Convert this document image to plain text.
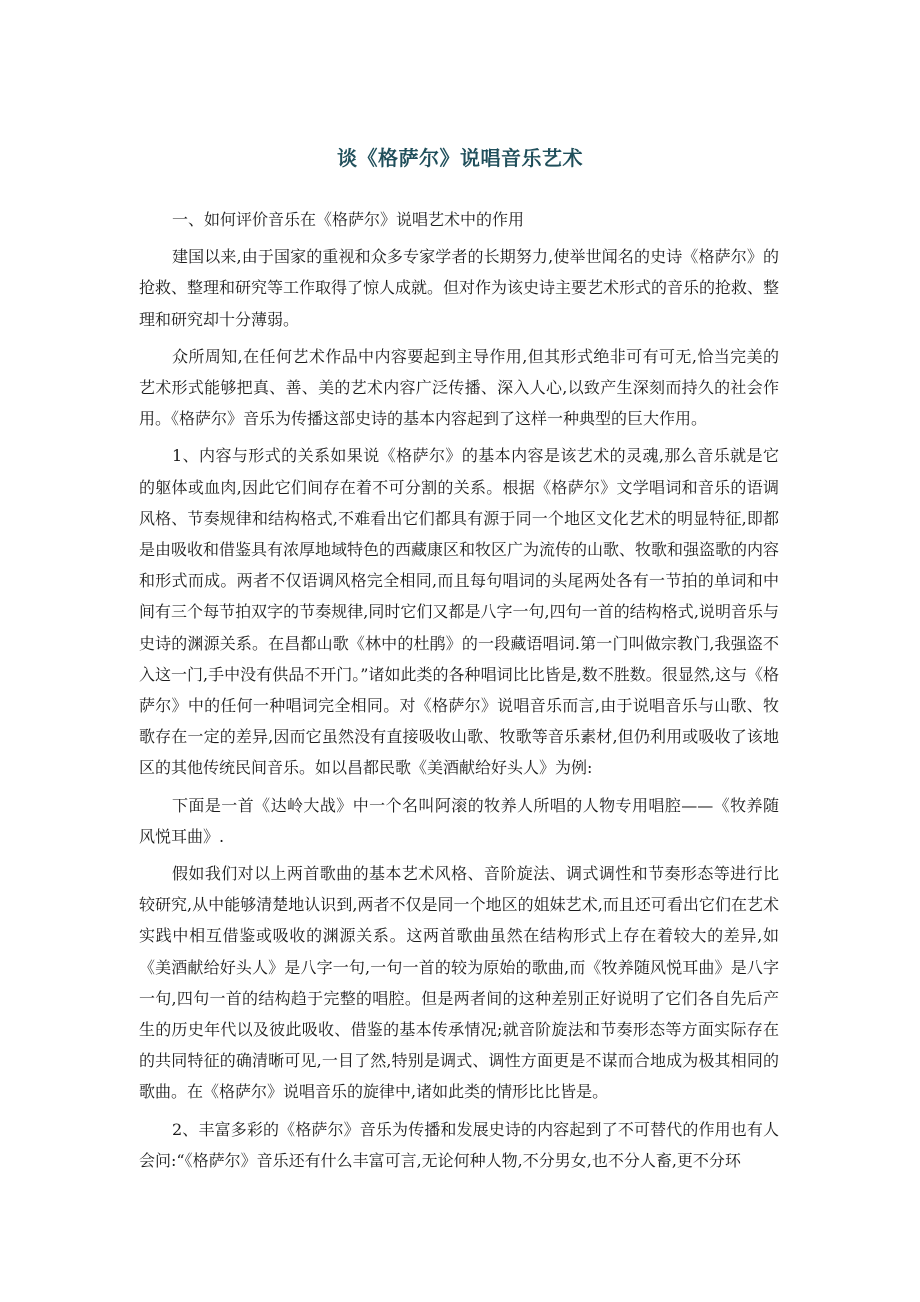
谈《格萨尔》说唱音乐艺术

一、如何评价音乐在《格萨尔》说唱艺术中的作用

建国以来,由于国家的重视和众多专家学者的长期努力,使举世闻名的史诗《格萨尔》的抢救、整理和研究等工作取得了惊人成就。但对作为该史诗主要艺术形式的音乐的抢救、整理和研究却十分薄弱。

众所周知,在任何艺术作品中内容要起到主导作用,但其形式绝非可有可无,恰当完美的艺术形式能够把真、善、美的艺术内容广泛传播、深入人心,以致产生深刻而持久的社会作用。《格萨尔》音乐为传播这部史诗的基本内容起到了这样一种典型的巨大作用。

1、内容与形式的关系如果说《格萨尔》的基本内容是该艺术的灵魂,那么音乐就是它的躯体或血肉,因此它们间存在着不可分割的关系。根据《格萨尔》文学唱词和音乐的语调风格、节奏规律和结构格式,不难看出它们都具有源于同一个地区文化艺术的明显特征,即都是由吸收和借鉴具有浓厚地域特色的西藏康区和牧区广为流传的山歌、牧歌和强盗歌的内容和形式而成。两者不仅语调风格完全相同,而且每句唱词的头尾两处各有一节拍的单词和中间有三个每节拍双字的节奏规律,同时它们又都是八字一句,四句一首的结构格式,说明音乐与史诗的渊源关系。在昌都山歌《林中的杜鹃》的一段藏语唱词.第一门叫做宗教门,我强盗不入这一门,手中没有供品不开门。”诸如此类的各种唱词比比皆是,数不胜数。很显然,这与《格萨尔》中的任何一种唱词完全相同。对《格萨尔》说唱音乐而言,由于说唱音乐与山歌、牧歌存在一定的差异,因而它虽然没有直接吸收山歌、牧歌等音乐素材,但仍利用或吸收了该地区的其他传统民间音乐。如以昌都民歌《美酒献给好头人》为例:

下面是一首《达岭大战》中一个名叫阿滚的牧养人所唱的人物专用唱腔——《牧养随风悦耳曲》.

假如我们对以上两首歌曲的基本艺术风格、音阶旋法、调式调性和节奏形态等进行比较研究,从中能够清楚地认识到,两者不仅是同一个地区的姐妹艺术,而且还可看出它们在艺术实践中相互借鉴或吸收的渊源关系。这两首歌曲虽然在结构形式上存在着较大的差异,如《美酒献给好头人》是八字一句,一句一首的较为原始的歌曲,而《牧养随风悦耳曲》是八字一句,四句一首的结构趋于完整的唱腔。但是两者间的这种差别正好说明了它们各自先后产生的历史年代以及彼此吸收、借鉴的基本传承情况;就音阶旋法和节奏形态等方面实际存在的共同特征的确清晰可见,一目了然,特别是调式、调性方面更是不谋而合地成为极其相同的歌曲。在《格萨尔》说唱音乐的旋律中,诸如此类的情形比比皆是。

2、丰富多彩的《格萨尔》音乐为传播和发展史诗的内容起到了不可替代的作用也有人会问:“《格萨尔》音乐还有什么丰富可言,无论何种人物,不分男女,也不分人畜,更不分环
